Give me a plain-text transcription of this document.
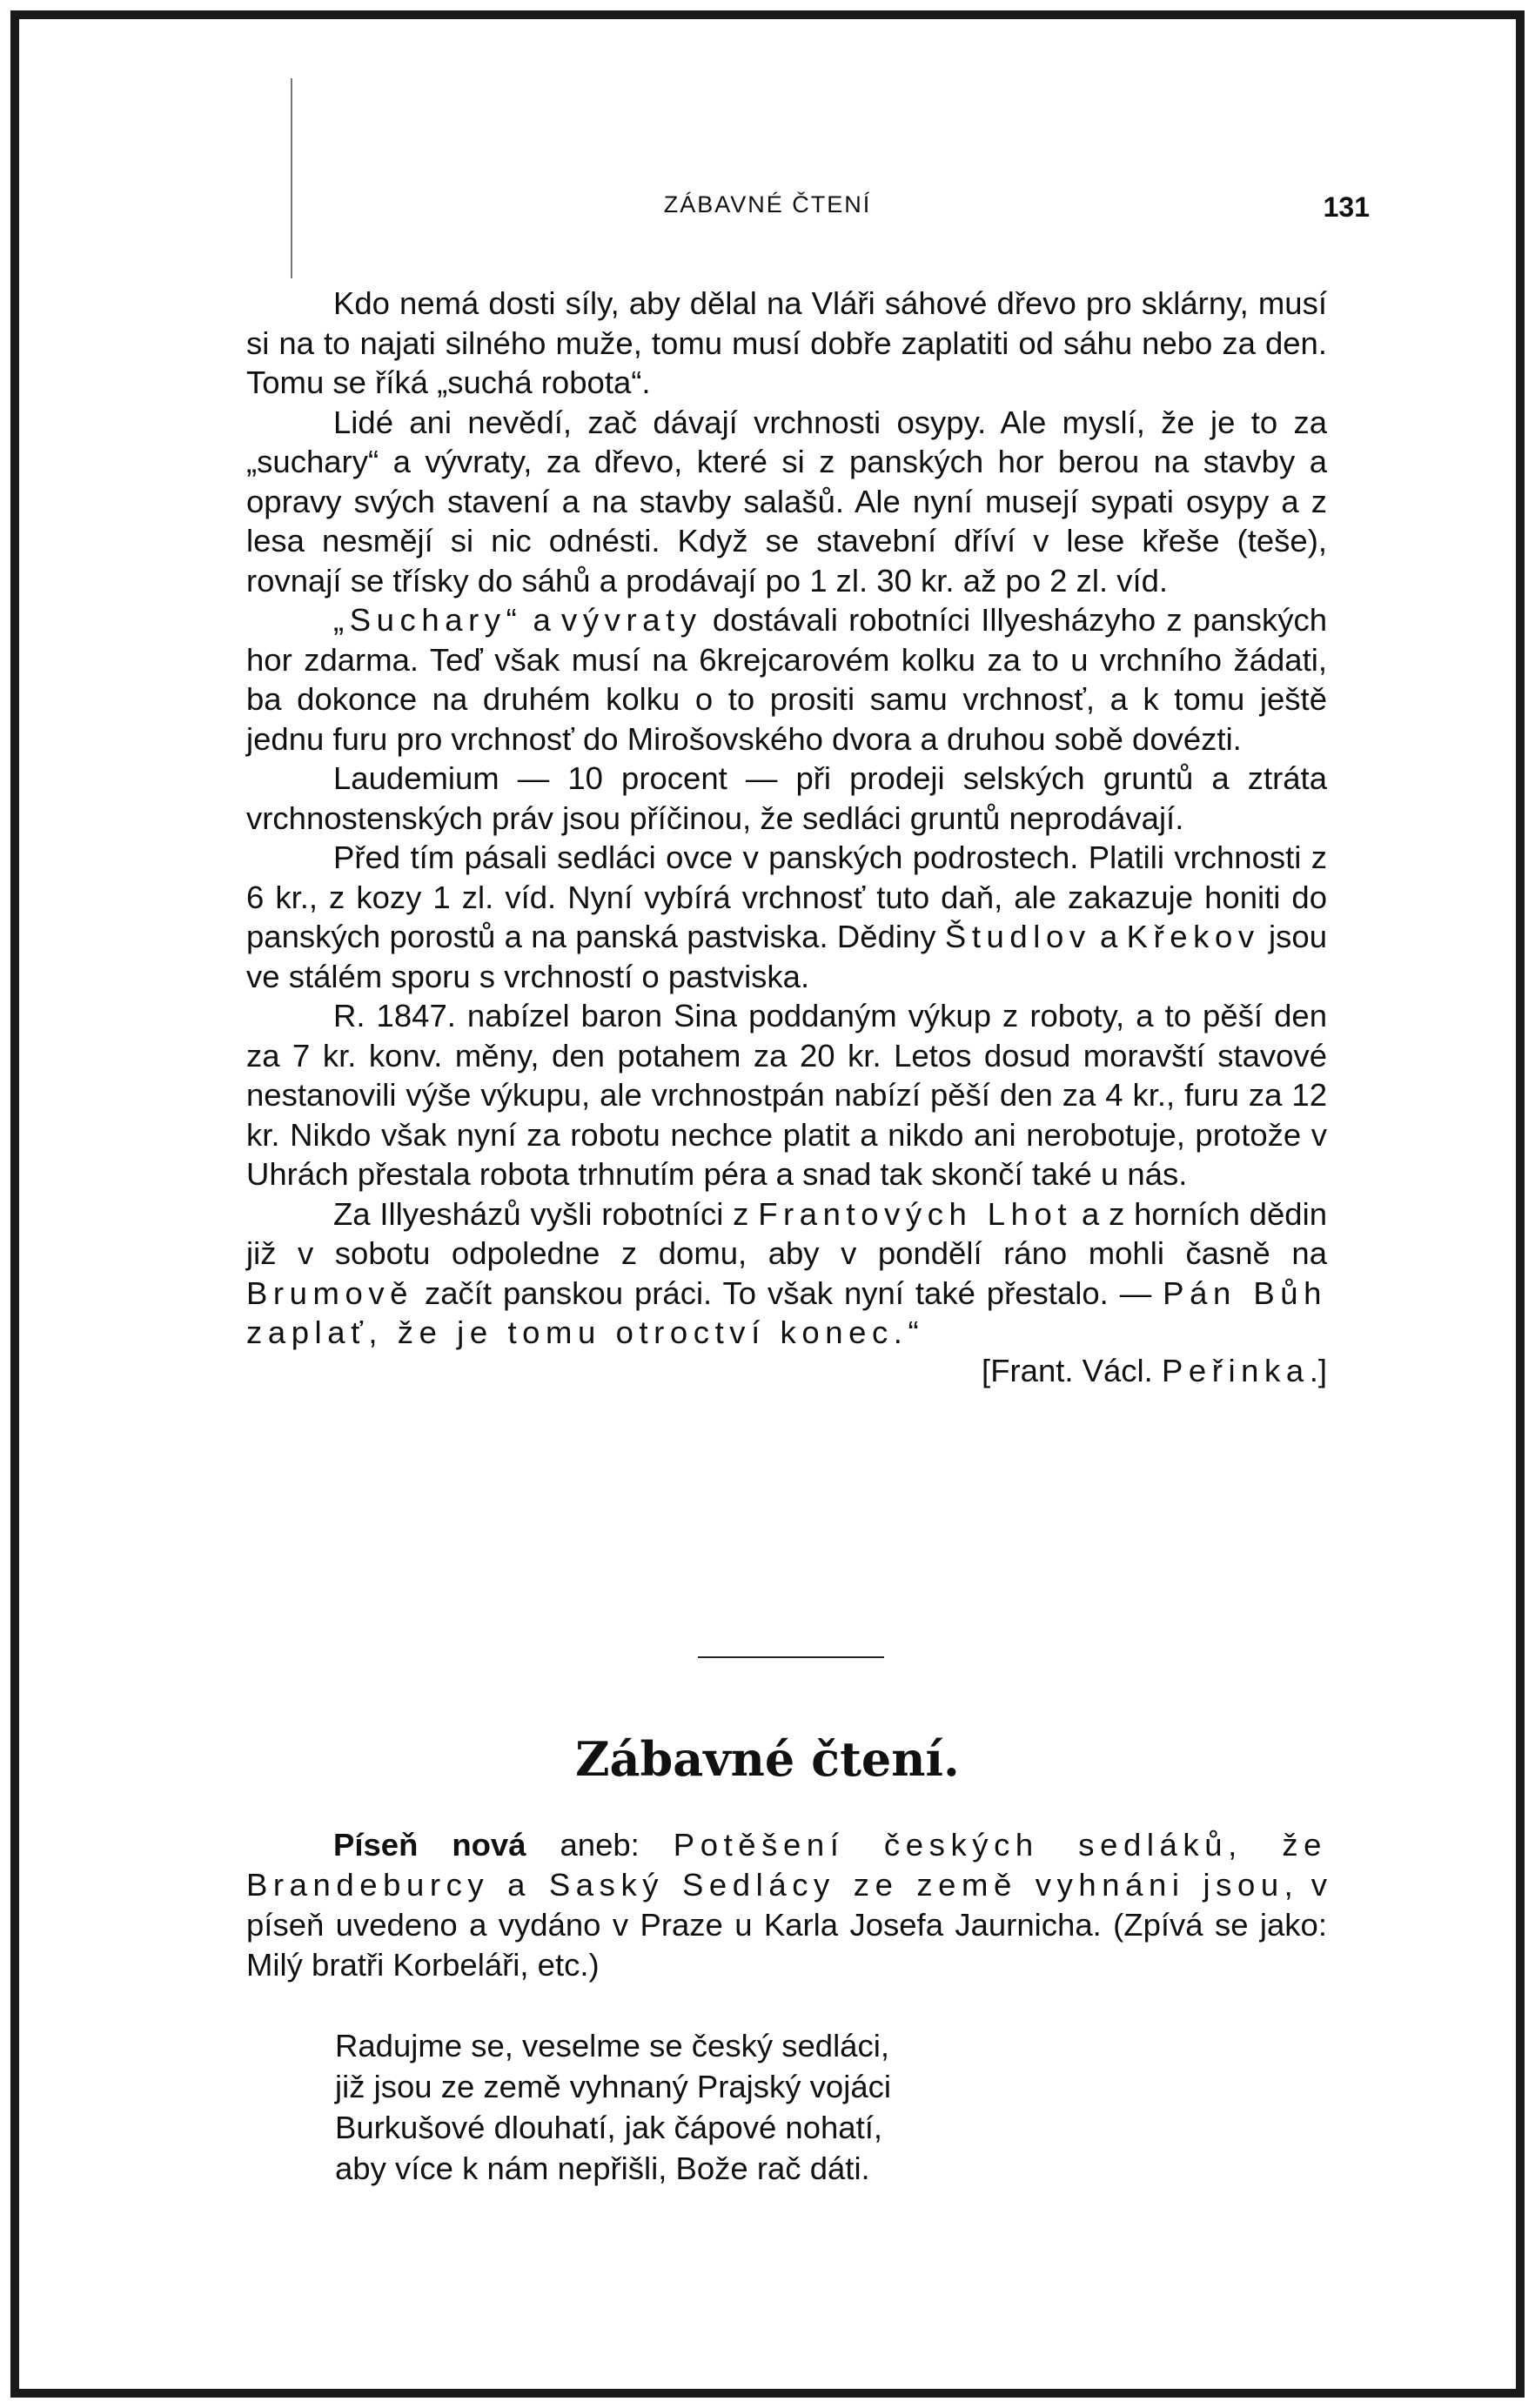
ZÁBAVNÉ ČTENÍ	131

Kdo nemá dosti síly, aby dělal na Vláři sáhové dřevo pro sklárny, musí si na to najati silného muže, tomu musí dobře zaplatiti od sáhu nebo za den. Tomu se říká „suchá robota“.

Lidé ani nevědí, zač dávají vrchnosti osypy. Ale myslí, že je to za „suchary“ a vývraty, za dřevo, které si z panských hor berou na stavby a opravy svých stavení a na stavby salašů. Ale nyní musejí sypati osypy a z lesa nesmějí si nic odnésti. Když se stavební dříví v lese křeše (teše), rovnají se třísky do sáhů a prodávají po 1 zl. 30 kr. až po 2 zl. víd.

„Suchary“ a vývraty dostávali robotníci Illyesházyho z panských hor zdarma. Teď však musí na 6krejcarovém kolku za to u vrchního žádati, ba dokonce na druhém kolku o to prositi samu vrchnosť, a k tomu ještě jednu furu pro vrchnosť do Mirošovského dvora a druhou sobě dovézti.

Laudemium — 10 procent — při prodeji selských gruntů a ztráta vrchnostenských práv jsou příčinou, že sedláci gruntů neprodávají.

Před tím pásali sedláci ovce v panských podrostech. Platili vrchnosti z 6 kr., z kozy 1 zl. víd. Nyní vybírá vrchnosť tuto daň, ale zakazuje honiti do panských porostů a na panská pastviska. Dědiny Študlov a Křekov jsou ve stálém sporu s vrchností o pastviska.

R. 1847. nabízel baron Sina poddaným výkup z roboty, a to pěší den za 7 kr. konv. měny, den potahem za 20 kr. Letos dosud moravští stavové nestanovili výše výkupu, ale vrchnostpán nabízí pěší den za 4 kr., furu za 12 kr. Nikdo však nyní za robotu nechce platit a nikdo ani nerobotuje, protože v Uhrách přestala robota trhnutím péra a snad tak skončí také u nás.

Za Illyesházů vyšli robotníci z Frantových Lhot a z horních dědin již v sobotu odpoledne z domu, aby v pondělí ráno mohli časně na Brumově začít panskou práci. To však nyní také přestalo. — Pán Bůh zaplať, že je tomu otroctví konec.“

[Frant. Václ. Peřinka.]
Zábavné čtení.

Píseň nová aneb: Potěšení českých sedláků, že Brandeburcy a Saský Sedlácy ze země vyhnáni jsou, v píseň uvedeno a vydáno v Praze u Karla Josefa Jaurnicha. (Zpívá se jako: Milý bratři Korbeláři, etc.)

Radujme se, veselme se český sedláci,
již jsou ze země vyhnaný Prajský vojáci
Burkušové dlouhatí, jak čápové nohatí,
aby více k nám nepřišli, Bože rač dáti.
